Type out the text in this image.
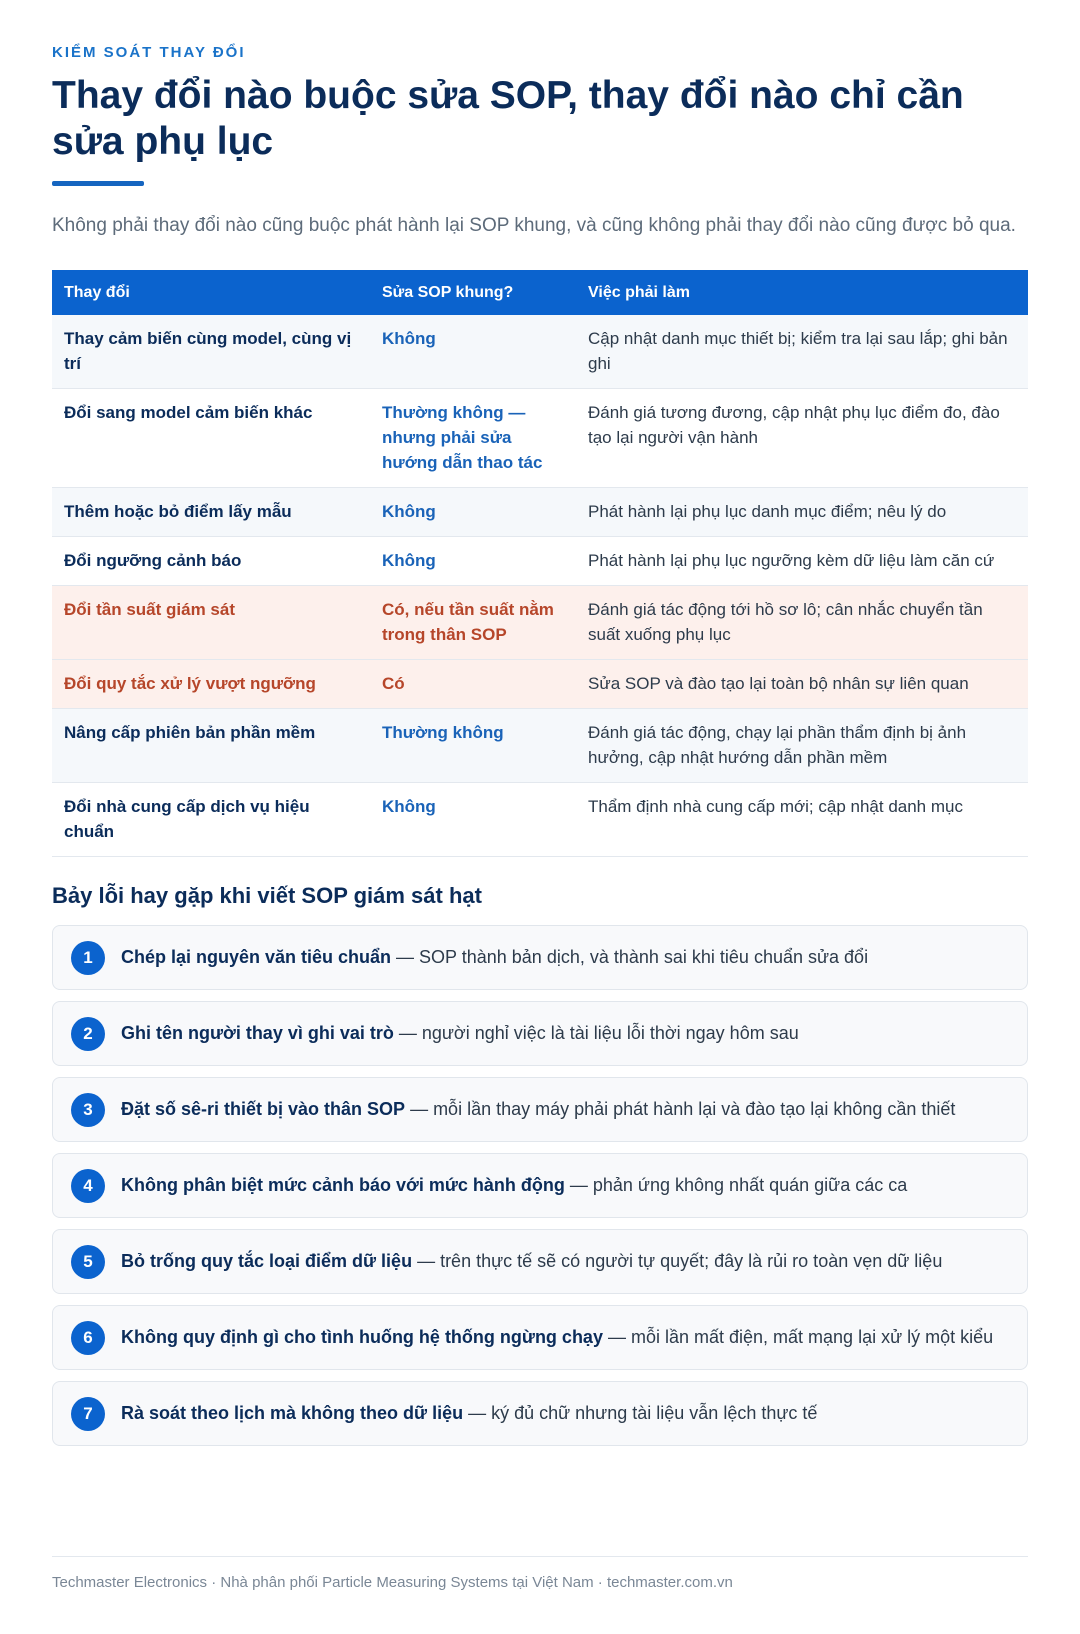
KIỂM SOÁT THAY ĐỔI
Thay đổi nào buộc sửa SOP, thay đổi nào chỉ cần sửa phụ lục

Không phải thay đổi nào cũng buộc phát hành lại SOP khung, và cũng không phải thay đổi nào cũng được bỏ qua.

Thay đổi	Sửa SOP khung?	Việc phải làm
Thay cảm biến cùng model, cùng vị trí	Không	Cập nhật danh mục thiết bị; kiểm tra lại sau lắp; ghi bản ghi
Đổi sang model cảm biến khác	Thường không — nhưng phải sửa hướng dẫn thao tác	Đánh giá tương đương, cập nhật phụ lục điểm đo, đào tạo lại người vận hành
Thêm hoặc bỏ điểm lấy mẫu	Không	Phát hành lại phụ lục danh mục điểm; nêu lý do
Đổi ngưỡng cảnh báo	Không	Phát hành lại phụ lục ngưỡng kèm dữ liệu làm căn cứ
Đổi tần suất giám sát	Có, nếu tần suất nằm trong thân SOP	Đánh giá tác động tới hồ sơ lô; cân nhắc chuyển tần suất xuống phụ lục
Đổi quy tắc xử lý vượt ngưỡng	Có	Sửa SOP và đào tạo lại toàn bộ nhân sự liên quan
Nâng cấp phiên bản phần mềm	Thường không	Đánh giá tác động, chạy lại phần thẩm định bị ảnh hưởng, cập nhật hướng dẫn phần mềm
Đổi nhà cung cấp dịch vụ hiệu chuẩn	Không	Thẩm định nhà cung cấp mới; cập nhật danh mục
Bảy lỗi hay gặp khi viết SOP giám sát hạt
1	Chép lại nguyên văn tiêu chuẩn — SOP thành bản dịch, và thành sai khi tiêu chuẩn sửa đổi
2	Ghi tên người thay vì ghi vai trò — người nghỉ việc là tài liệu lỗi thời ngay hôm sau
3	Đặt số sê-ri thiết bị vào thân SOP — mỗi lần thay máy phải phát hành lại và đào tạo lại không cần thiết
4	Không phân biệt mức cảnh báo với mức hành động — phản ứng không nhất quán giữa các ca
5	Bỏ trống quy tắc loại điểm dữ liệu — trên thực tế sẽ có người tự quyết; đây là rủi ro toàn vẹn dữ liệu
6	Không quy định gì cho tình huống hệ thống ngừng chạy — mỗi lần mất điện, mất mạng lại xử lý một kiểu
7	Rà soát theo lịch mà không theo dữ liệu — ký đủ chữ nhưng tài liệu vẫn lệch thực tế
Techmaster Electronics · Nhà phân phối Particle Measuring Systems tại Việt Nam · techmaster.com.vn
